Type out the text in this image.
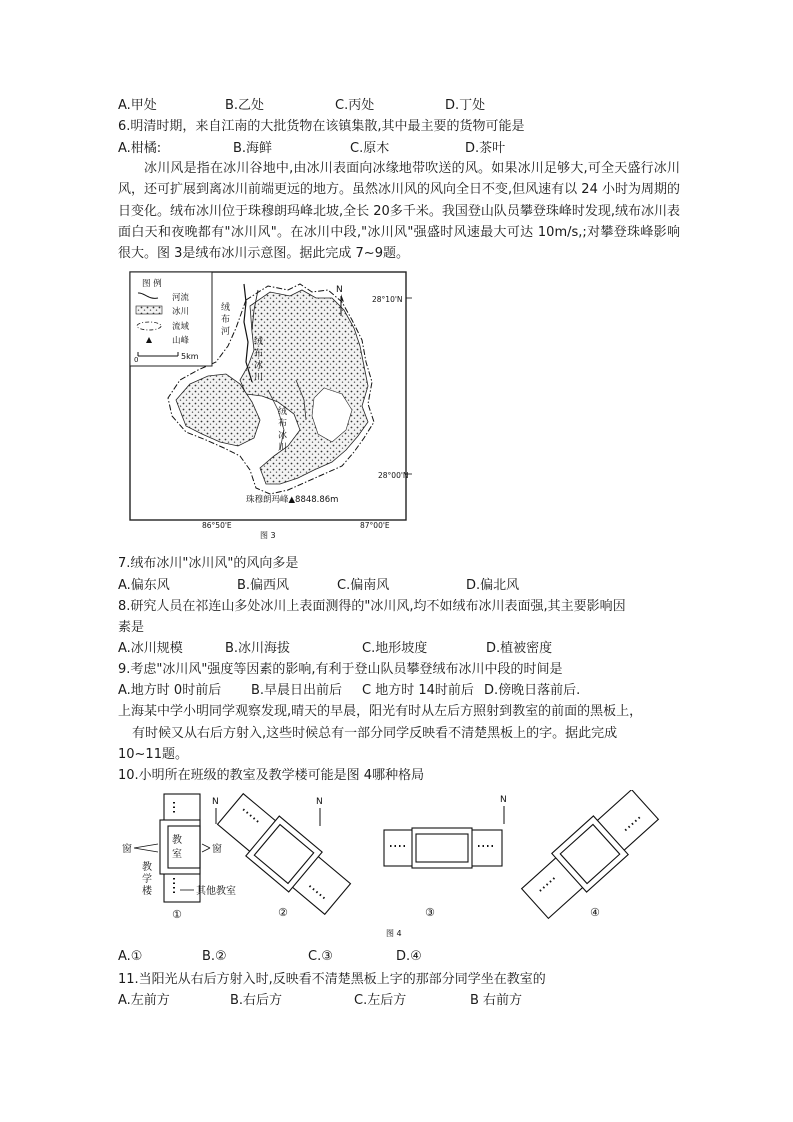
A.甲处	B.乙处	C.丙处	D.丁处
6.明清时期，来自江南的大批货物在该镇集散,其中最主要的货物可能是
A.柑橘:	B.海鲜	C.原木	D.茶叶

冰川风是指在冰川谷地中,由冰川表面向冰缘地带吹送的风。如果冰川足够大,可全天盛行冰川风，还可扩展到离冰川前端更远的地方。虽然冰川风的风向全日不变,但风速有以 24 小时为周期的日变化。绒布冰川位于珠穆朗玛峰北坡,全长 20多千米。我国登山队员攀登珠峰时发现,绒布冰川表面白天和夜晚都有"冰川风"。在冰川中段,"冰川风"强盛时风速最大可达 10m/s,;对攀登珠峰影响很大。图 3是绒布冰川示意图。据此完成 7~9题。

图 例
河流
冰川
流域
山峰
0	5km
N
28°10'N
28°00'N
86°50'E	87°00'E
绒
布
河
绒
布
冰
川
绒
布
冰
川
珠穆朗玛峰▲8848.86m
图 3
7.绒布冰川"冰川风"的风向多是
A.偏东风	B.偏西风	C.偏南风	D.偏北风
8.研究人员在祁连山多处冰川上表面测得的"冰川风,均不如绒布冰川表面强,其主要影响因
素是
A.冰川规模	B.冰川海拔	C.地形坡度	D.植被密度
9.考虑"冰川风"强度等因素的影响,有利于登山队员攀登绒布冰川中段的时间是
A.地方时 0时前后 B.早晨日出前后 C 地方时 14时前后 D.傍晚日落前后.
上海某中学小明同学观察发现,晴天的早晨，阳光有时从左后方照射到教室的前面的黑板上，
有时候又从右后方射入,这些时候总有一部分同学反映看不清楚黑板上的字。据此完成
10~11题。
10.小明所在班级的教室及教学楼可能是图 4哪种格局
教
室
窗	窗
教
学
楼	其他教室
①
N
②
N
③
N
④
图 4
A.①	B.②	C.③	D.④
11.当阳光从右后方射入时,反映看不清楚黑板上字的那部分同学坐在教室的
A.左前方	B.右后方	C.左后方	B 右前方
